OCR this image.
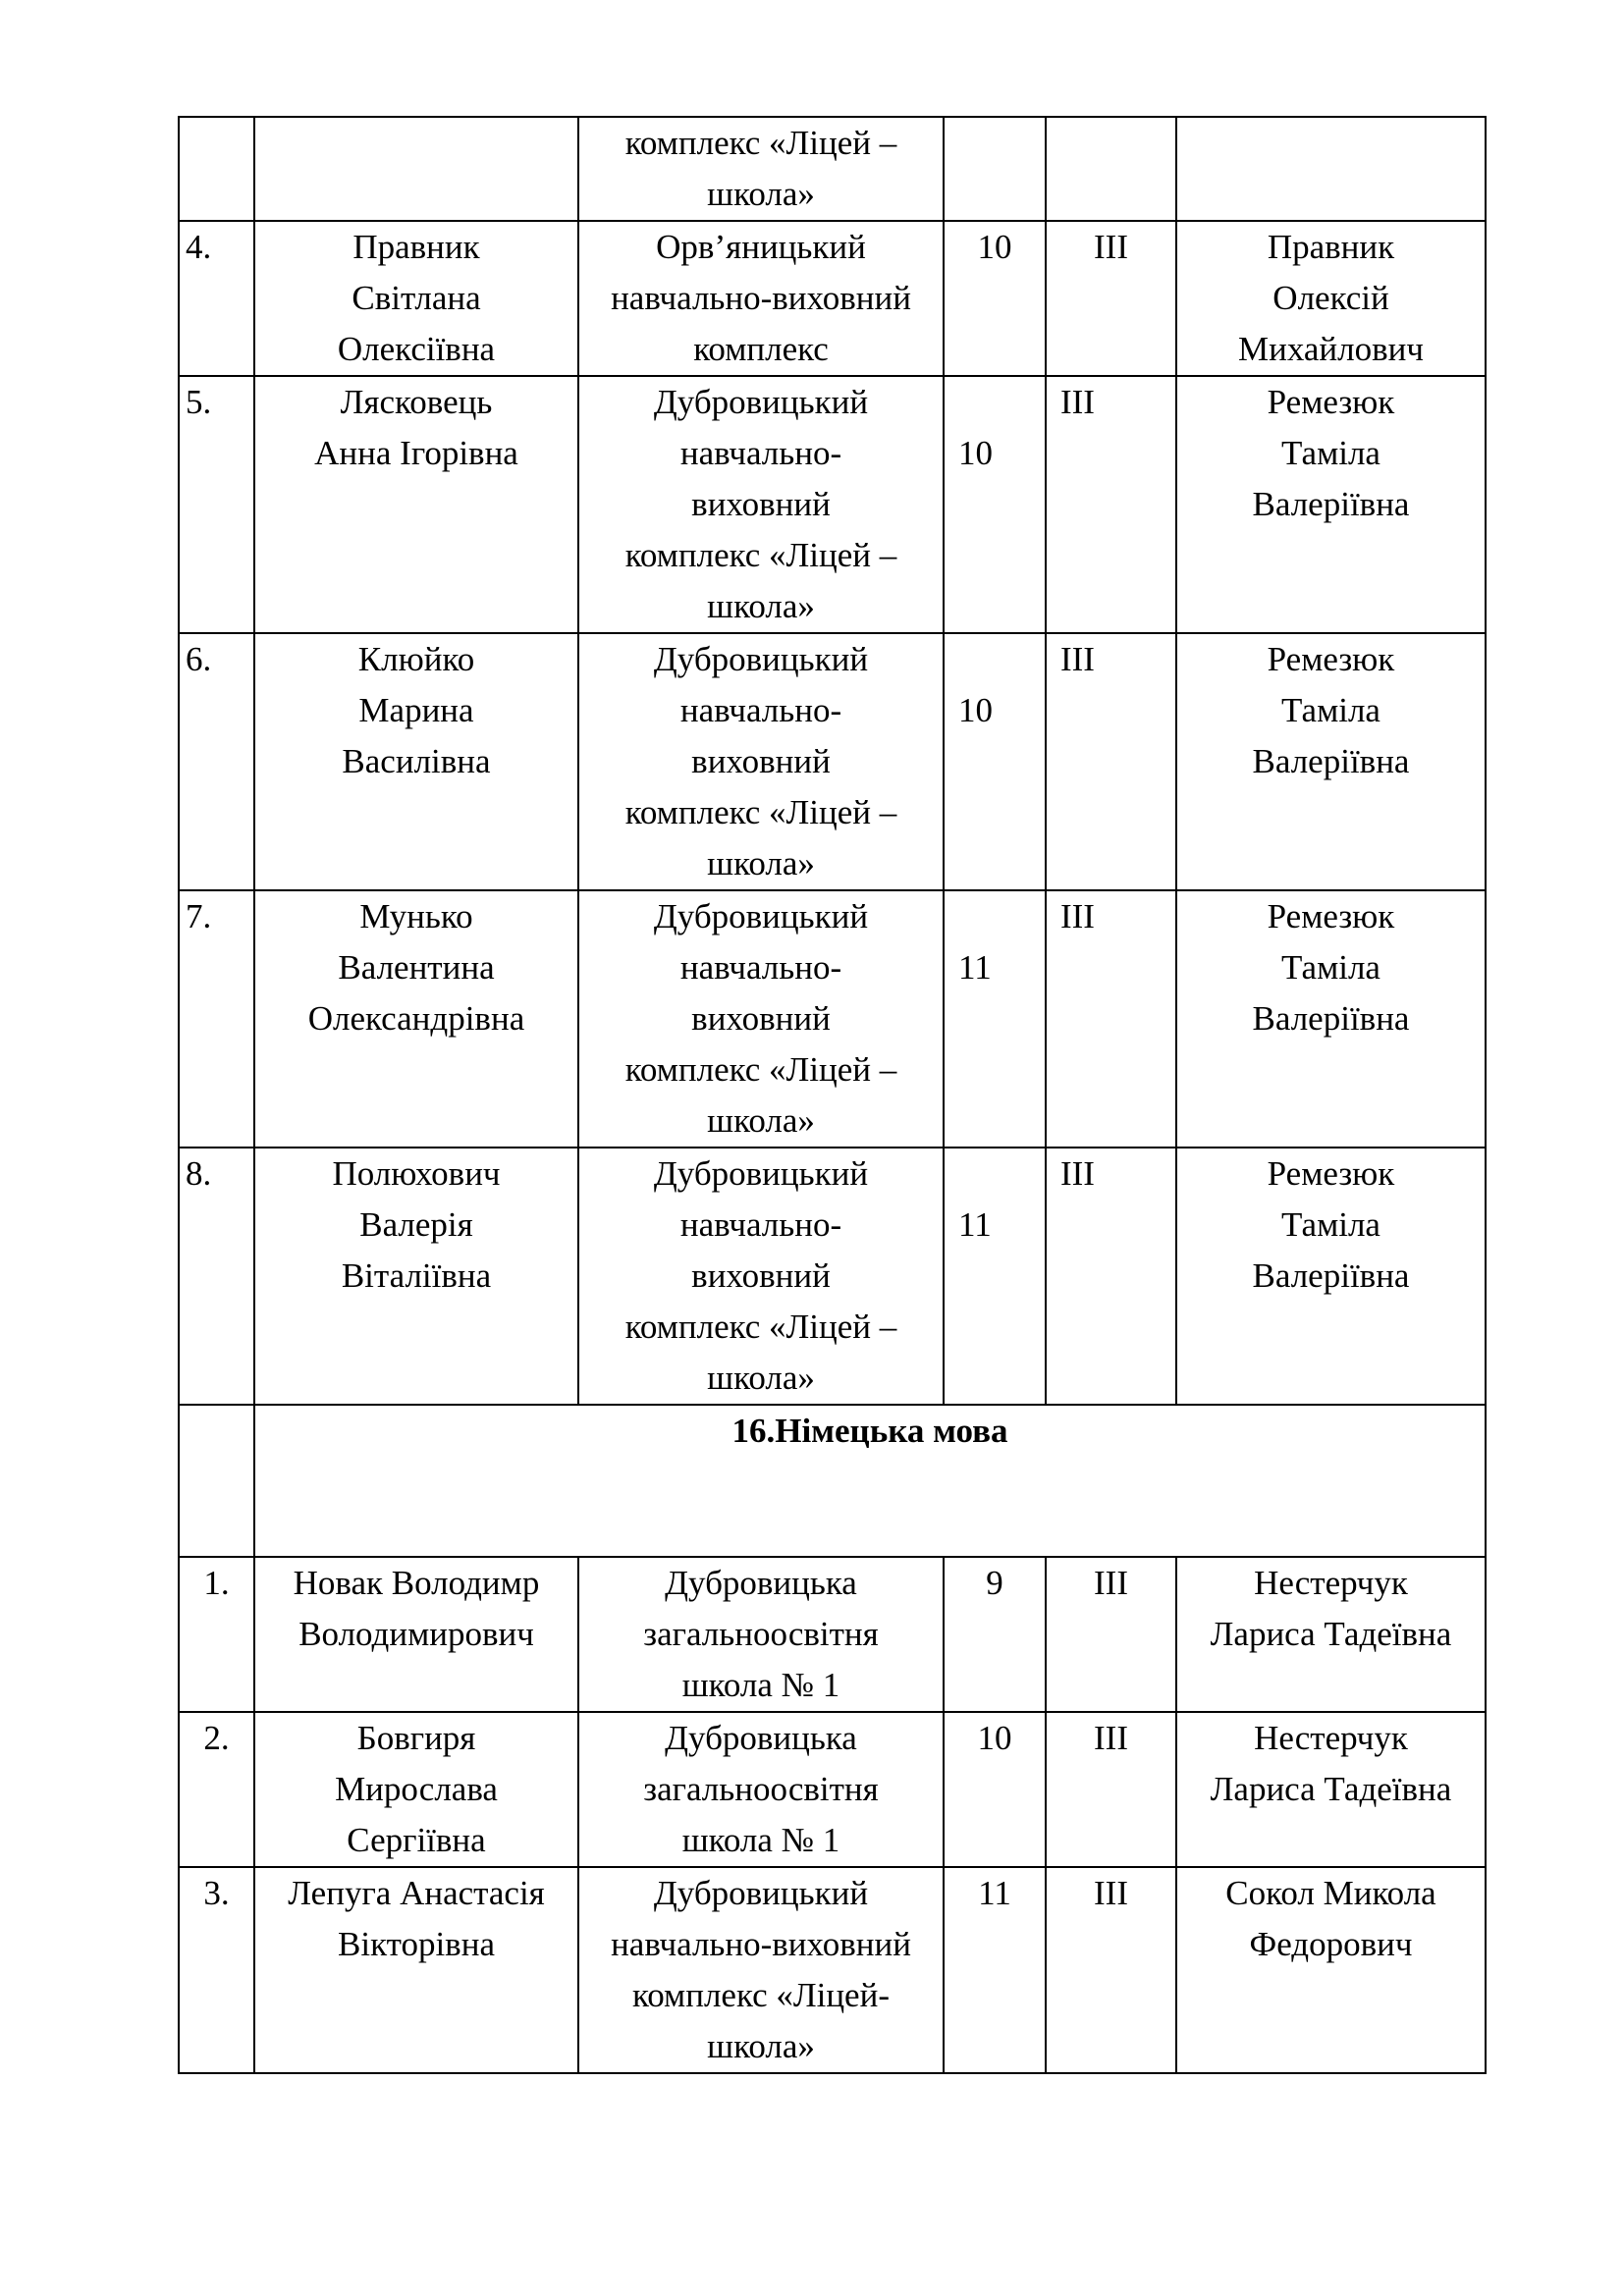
		комплекс «Ліцей –
школа»			

4.	Правник
Світлана
Олексіївна	Орв’яницький
навчально-виховний
комплекс	10	III	Правник
Олексій
Михайлович

5.	Лясковець
Анна Ігорівна	Дубровицький
навчально-
виховний
комплекс «Ліцей –
школа»	10	III	Ремезюк
Таміла
Валеріївна

6.	Клюйко
Марина
Василівна	Дубровицький
навчально-
виховний
комплекс «Ліцей –
школа»	10	III	Ремезюк
Таміла
Валеріївна

7.	Мунько
Валентина
Олександрівна	Дубровицький
навчально-
виховний
комплекс «Ліцей –
школа»	11	III	Ремезюк
Таміла
Валеріївна

8.	Полюхович
Валерія
Віталіївна	Дубровицький
навчально-
виховний
комплекс «Ліцей –
школа»	11	III	Ремезюк
Таміла
Валеріївна

	16.Німецька мова				
1.	Новак Володимр
Володимирович	Дубровицька
загальноосвітня
школа № 1	9	III	Нестерчук
Лариса Тадеївна

2.	Бовгиря
Мирослава
Сергіївна	Дубровицька
загальноосвітня
школа № 1	10	III	Нестерчук
Лариса Тадеївна

3.	Лепуга Анастасія
Вікторівна	Дубровицький
навчально-виховний
комплекс «Ліцей-
школа»	11	III	Сокол Микола
Федорович
